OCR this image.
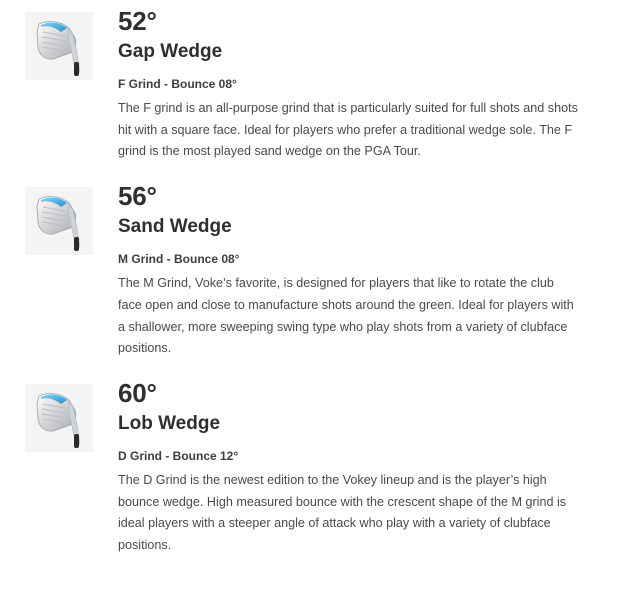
52°
Gap Wedge
F Grind - Bounce 08°

The F grind is an all-purpose grind that is particularly suited for full shots and shots hit with a square face. Ideal for players who prefer a traditional wedge sole. The F grind is the most played sand wedge on the PGA Tour.

56°
Sand Wedge
M Grind - Bounce 08°

The M Grind, Voke’s favorite, is designed for players that like to rotate the club face open and close to manufacture shots around the green. Ideal for players with a shallower, more sweeping swing type who play shots from a variety of clubface positions.

60°
Lob Wedge
D Grind - Bounce 12°

The D Grind is the newest edition to the Vokey lineup and is the player’s high bounce wedge. High measured bounce with the crescent shape of the M grind is ideal players with a steeper angle of attack who play with a variety of clubface positions.
